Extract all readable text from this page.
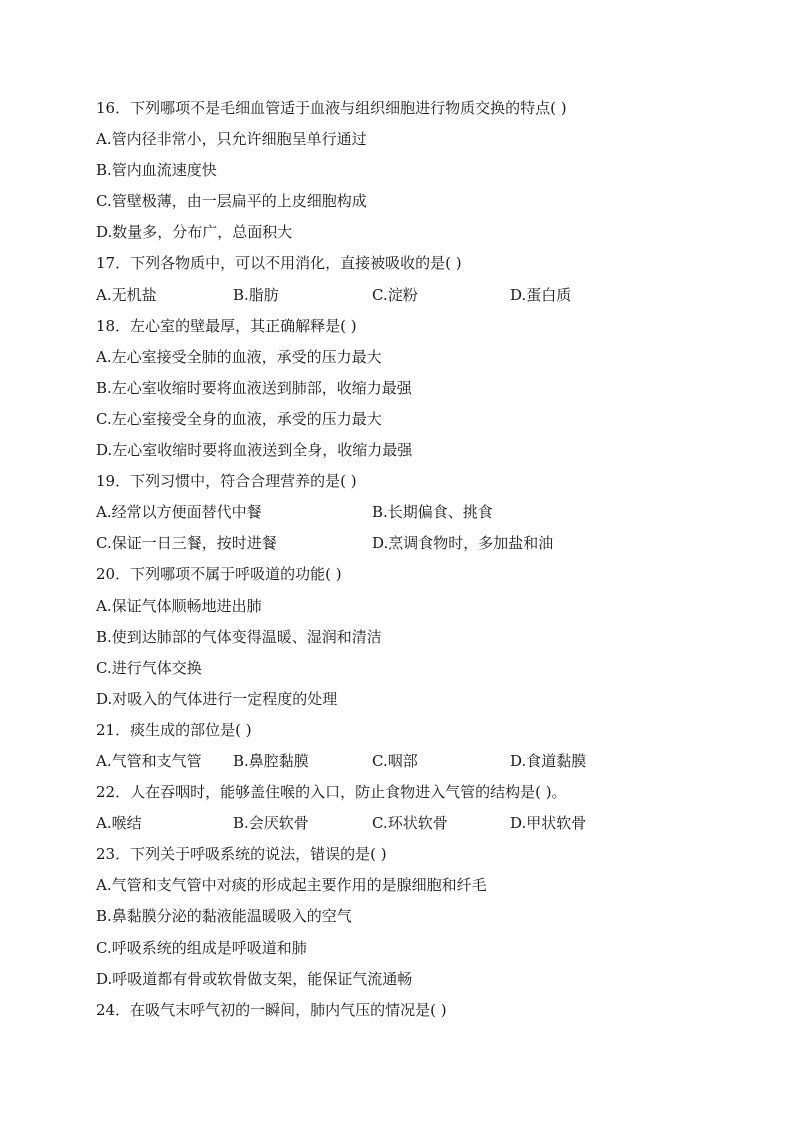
16．下列哪项不是毛细血管适于血液与组织细胞进行物质交换的特点( )
A.管内径非常小，只允许细胞呈单行通过
B.管内血流速度快
C.管壁极薄，由一层扁平的上皮细胞构成
D.数量多，分布广，总面积大
17．下列各物质中，可以不用消化，直接被吸收的是( )
A.无机盐	B.脂肪	C.淀粉	D.蛋白质
18．左心室的壁最厚，其正确解释是( )
A.左心室接受全肺的血液，承受的压力最大
B.左心室收缩时要将血液送到肺部，收缩力最强
C.左心室接受全身的血液，承受的压力最大
D.左心室收缩时要将血液送到全身，收缩力最强
19．下列习惯中，符合合理营养的是( )
A.经常以方便面替代中餐	B.长期偏食、挑食
C.保证一日三餐，按时进餐	D.烹调食物时，多加盐和油
20．下列哪项不属于呼吸道的功能( )
A.保证气体顺畅地进出肺
B.使到达肺部的气体变得温暖、湿润和清洁
C.进行气体交换
D.对吸入的气体进行一定程度的处理
21．痰生成的部位是( )
A.气管和支气管 B.鼻腔黏膜	C.咽部	D.食道黏膜
22．人在吞咽时，能够盖住喉的入口，防止食物进入气管的结构是( )。
A.喉结	B.会厌软骨	C.环状软骨	D.甲状软骨
23．下列关于呼吸系统的说法，错误的是( )
A.气管和支气管中对痰的形成起主要作用的是腺细胞和纤毛
B.鼻黏膜分泌的黏液能温暖吸入的空气
C.呼吸系统的组成是呼吸道和肺
D.呼吸道都有骨或软骨做支架，能保证气流通畅
24．在吸气末呼气初的一瞬间，肺内气压的情况是( )
